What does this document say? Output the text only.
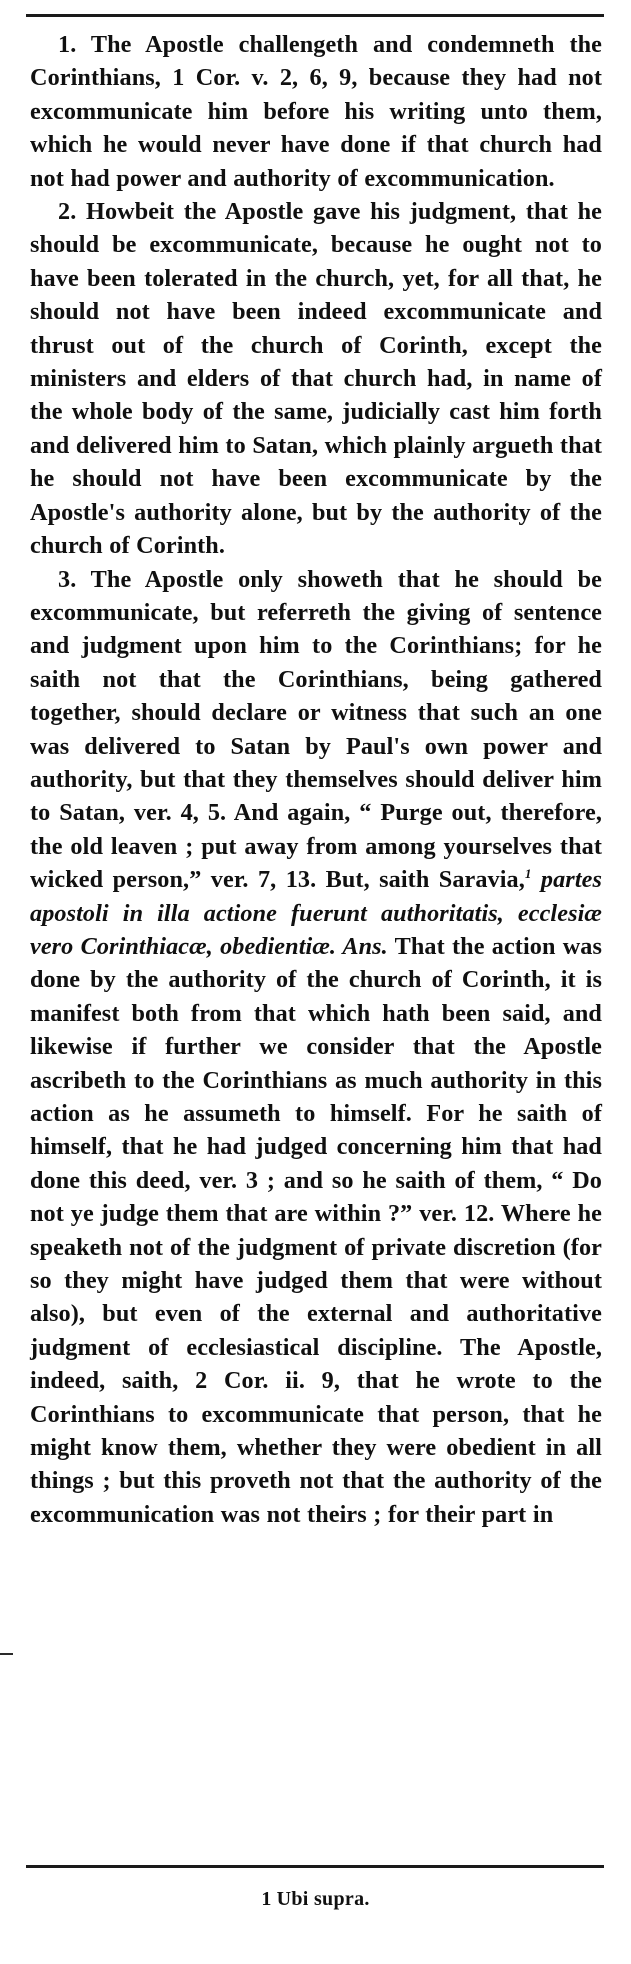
1. The Apostle challengeth and condemneth the Corinthians, 1 Cor. v. 2, 6, 9, because they had not excommunicate him before his writing unto them, which he would never have done if that church had not had power and authority of excommunication.

2. Howbeit the Apostle gave his judgment, that he should be excommunicate, because he ought not to have been tolerated in the church, yet, for all that, he should not have been indeed excommunicate and thrust out of the church of Corinth, except the ministers and elders of that church had, in name of the whole body of the same, judicially cast him forth and delivered him to Satan, which plainly argueth that he should not have been excommunicate by the Apostle's authority alone, but by the authority of the church of Corinth.

3. The Apostle only showeth that he should be excommunicate, but referreth the giving of sentence and judgment upon him to the Corinthians; for he saith not that the Corinthians, being gathered together, should declare or witness that such an one was delivered to Satan by Paul's own power and authority, but that they themselves should deliver him to Satan, ver. 4, 5. And again, “ Purge out, therefore, the old leaven ; put away from among yourselves that wicked person,” ver. 7, 13. But, saith Saravia,$^1$ partes apostoli in illa actione fuerunt authoritatis, ecclesiæ vero Corinthiacæ, obedientiæ. Ans. That the action was done by the authority of the church of Corinth, it is manifest both from that which hath been said, and likewise if further we consider that the Apostle ascribeth to the Corinthians as much authority in this action as he assumeth to himself. For he saith of himself, that he had judged concerning him that had done this deed, ver. 3 ; and so he saith of them, “ Do not ye judge them that are within ?” ver. 12. Where he speaketh not of the judgment of private discretion (for so they might have judged them that were without also), but even of the external and authoritative judgment of ecclesiastical discipline. The Apostle, indeed, saith, 2 Cor. ii. 9, that he wrote to the Corinthians to excommunicate that person, that he might know them, whether they were obedient in all things ; but this proveth not that the authority of the excommunication was not theirs ; for their part in

1 Ubi supra.
